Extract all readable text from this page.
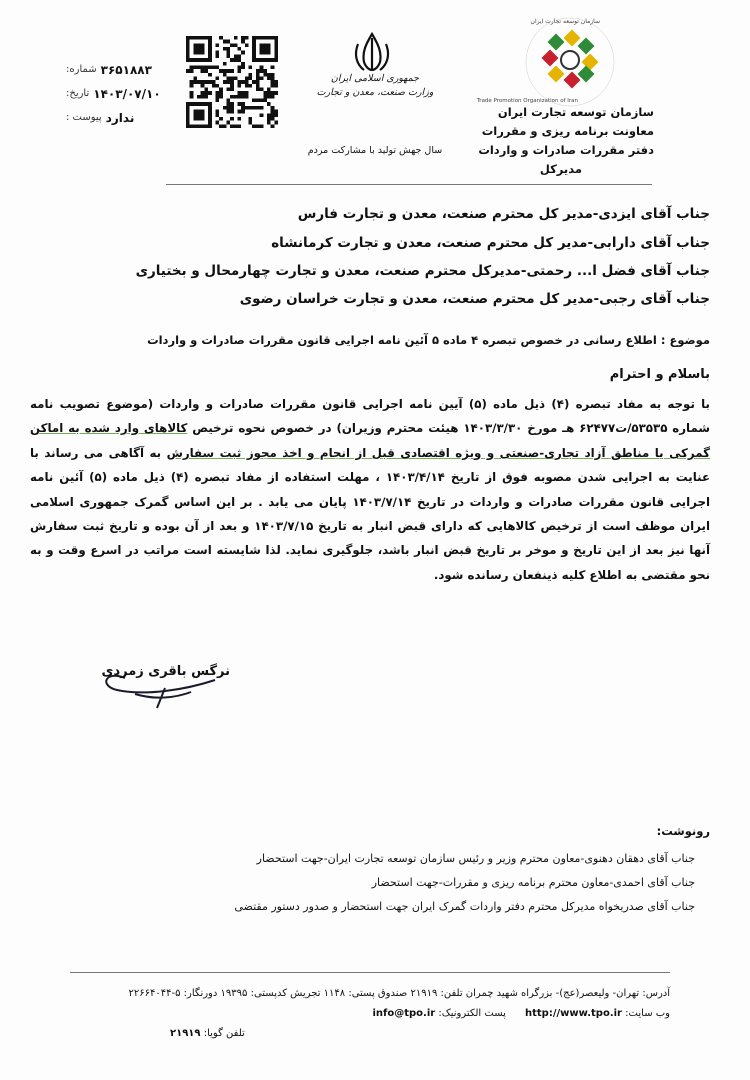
سازمان توسعه تجارت ایران
Trade Promotion Organization of Iran
سازمان توسعه تجارت ایران
معاونت برنامه ریزی و مقررات
دفتر مقررات صادرات و واردات
مدیرکل
جمهوری اسلامی ایران
وزارت صنعت، معدن و تجارت
سال جهش تولید با مشارکت مردم
شماره: ۳۶۵۱۸۸۳
تاریخ: ۱۴۰۳/۰۷/۱۰
پیوست : ندارد
جناب آقای ایزدی-مدیر کل محترم صنعت، معدن و تجارت فارس
جناب آقای دارابی-مدیر کل محترم صنعت، معدن و تجارت کرمانشاه
جناب آقای فضل ا... رحمتی-مدیرکل محترم صنعت، معدن و تجارت چهارمحال و بختیاری
جناب آقای رجبی-مدیر کل محترم صنعت، معدن و تجارت خراسان رضوی
موضوع : اطلاع رسانی در خصوص تبصره ۴ ماده ۵ آئین نامه اجرایی قانون مقررات صادرات و واردات
باسلام و احترام

با توجه به مفاد تبصره (۴) ذیل ماده (۵) آیین نامه اجرایی قانون مقررات صادرات و واردات (موضوع تصویب نامه شماره ۵۳۵۳۵/ت۶۲۴۷۷ هـ مورخ ۱۴۰۳/۳/۳۰ هیئت محترم وزیران) در خصوص نحوه ترخیص کالاهای وارد شده به اماکن گمرکی یا مناطق آزاد تجاری-صنعتی و ویژه اقتصادی قبل از انجام و اخذ مجوز ثبت سفارش به آگاهی می رساند با عنایت به اجرایی شدن مصوبه فوق از تاریخ ۱۴۰۳/۴/۱۴ ، مهلت استفاده از مفاد تبصره (۴) ذیل ماده (۵) آئین نامه اجرایی قانون مقررات صادرات و واردات در تاریخ ۱۴۰۳/۷/۱۴ پایان می یابد . بر این اساس گمرک جمهوری اسلامی ایران موظف است از ترخیص کالاهایی که دارای قبض انبار به تاریخ ۱۴۰۳/۷/۱۵ و بعد از آن بوده و تاریخ ثبت سفارش آنها نیز بعد از این تاریخ و موخر بر تاریخ قبض انبار باشد، جلوگیری نماید. لذا شایسته است مراتب در اسرع وقت و به نحو مقتضی به اطلاع کلیه ذینفعان رسانده شود.

نرگس باقری زمردی
رونوشت:
جناب آقای دهقان دهنوی-معاون محترم وزیر و رئیس سازمان توسعه تجارت ایران-جهت استحضار
جناب آقای احمدی-معاون محترم برنامه ریزی و مقررات-جهت استحضار
جناب آقای صدریخواه مدیرکل محترم دفتر واردات گمرک ایران جهت استحضار و صدور دستور مقتضی
آدرس: تهران- ولیعصر(عج)- بزرگراه شهید چمران تلفن: ۲۱۹۱۹ صندوق پستی: ۱۱۴۸ تجریش کدپستی: ۱۹۳۹۵ دورنگار: ۵-۲۲۶۶۴۰۴۴
وب سایت: http://www.tpo.ir      پست الکترونیک: info@tpo.ir
تلفن گویا: ۲۱۹۱۹
